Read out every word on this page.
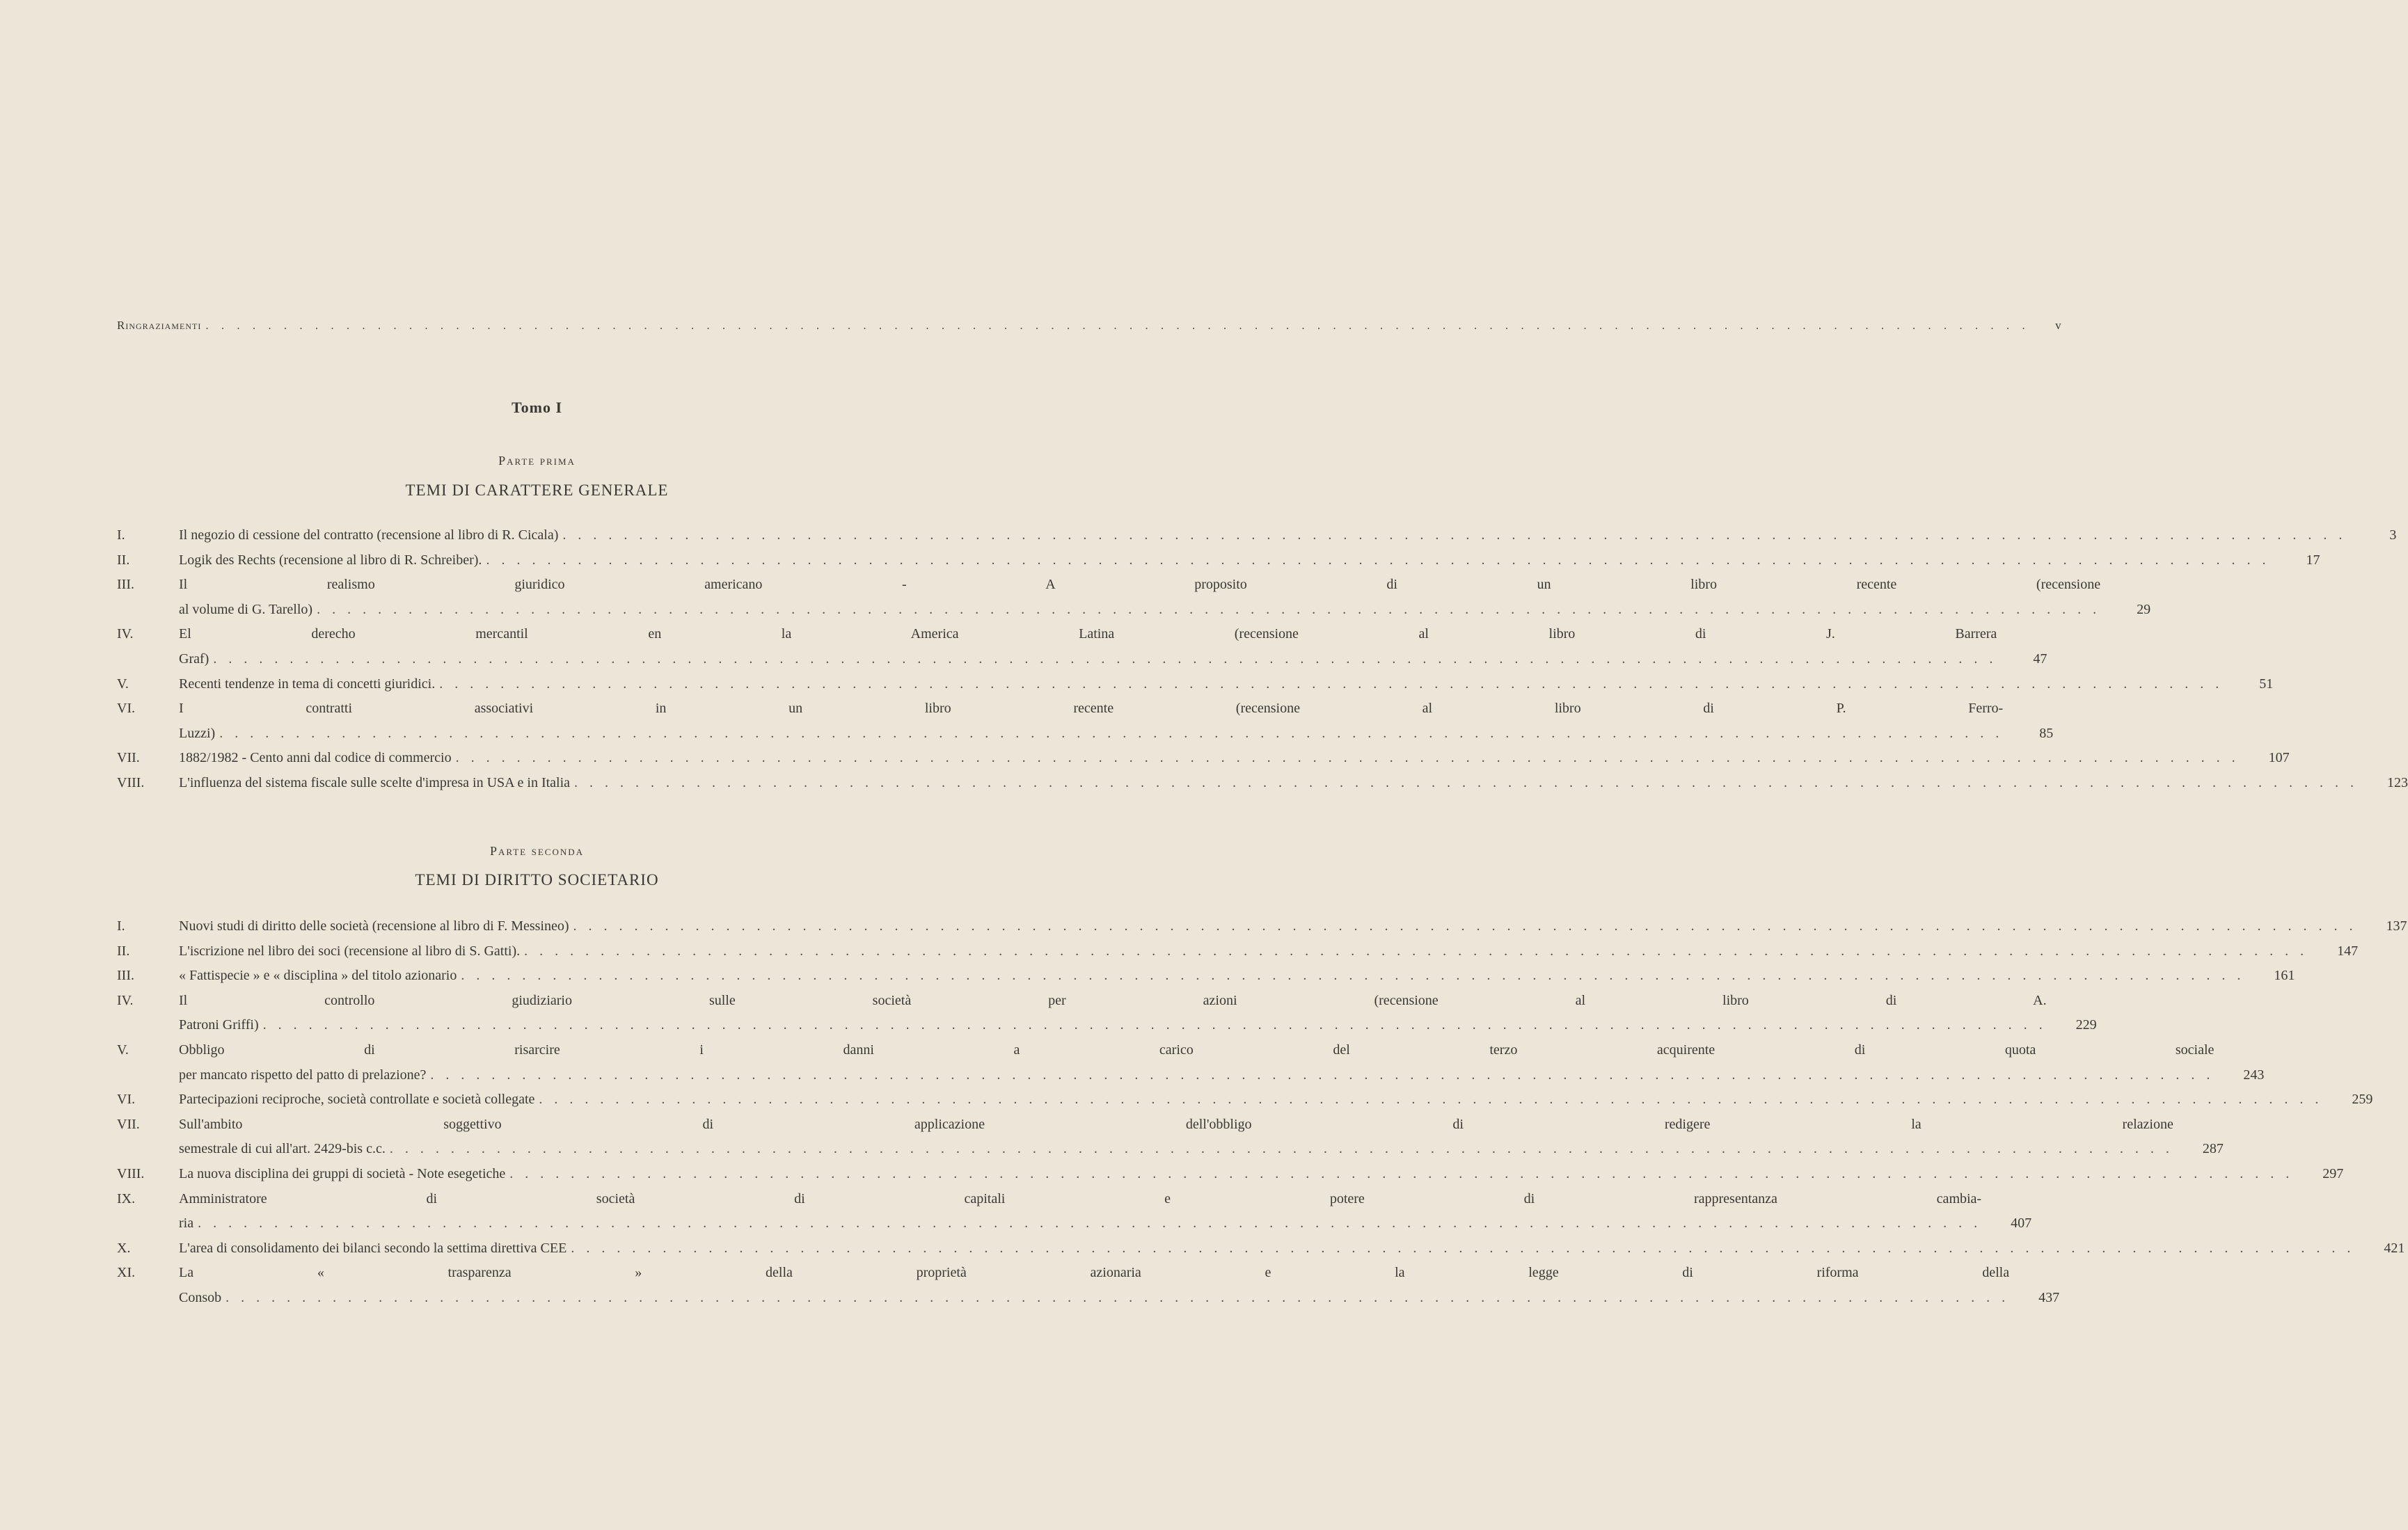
Ringraziamenti . . .	v
Tomo I
Parte prima
TEMI DI CARATTERE GENERALE
I.	Il negozio di cessione del contratto (recensione al libro di R. Cicala) . . .	3
II.	Logik des Rechts (recensione al libro di R. Schreiber). . . .	17
III.	Il realismo giuridico americano - A proposito di un libro recente (recensione
al volume di G. Tarello) . . .	29
IV.	El derecho mercantil en la America Latina (recensione al libro di J. Barrera
Graf) . . .	47
V.	Recenti tendenze in tema di concetti giuridici. . . .	51
VI.	I contratti associativi in un libro recente (recensione al libro di P. Ferro-
Luzzi) . . .	85
VII.	1882/1982 - Cento anni dal codice di commercio . . .	107
VIII.	L'influenza del sistema fiscale sulle scelte d'impresa in USA e in Italia . . .	123
Parte seconda
TEMI DI DIRITTO SOCIETARIO
I.	Nuovi studi di diritto delle società (recensione al libro di F. Messineo) . . .	137
II.	L'iscrizione nel libro dei soci (recensione al libro di S. Gatti). . . .	147
III.	« Fattispecie » e « disciplina » del titolo azionario . . .	161
IV.	Il controllo giudiziario sulle società per azioni (recensione al libro di A.
Patroni Griffi) . . .	229
V.	Obbligo di risarcire i danni a carico del terzo acquirente di quota sociale
per mancato rispetto del patto di prelazione? . . .	243
VI.	Partecipazioni reciproche, società controllate e società collegate . . .	259
VII.	Sull'ambito soggettivo di applicazione dell'obbligo di redigere la relazione
semestrale di cui all'art. 2429-bis c.c. . . .	287
VIII.	La nuova disciplina dei gruppi di società - Note esegetiche . . .	297
IX.	Amministratore di società di capitali e potere di rappresentanza cambia-
ria . . .	407
X.	L'area di consolidamento dei bilanci secondo la settima direttiva CEE . . .	421
XI.	La « trasparenza » della proprietà azionaria e la legge di riforma della
Consob . . .	437
